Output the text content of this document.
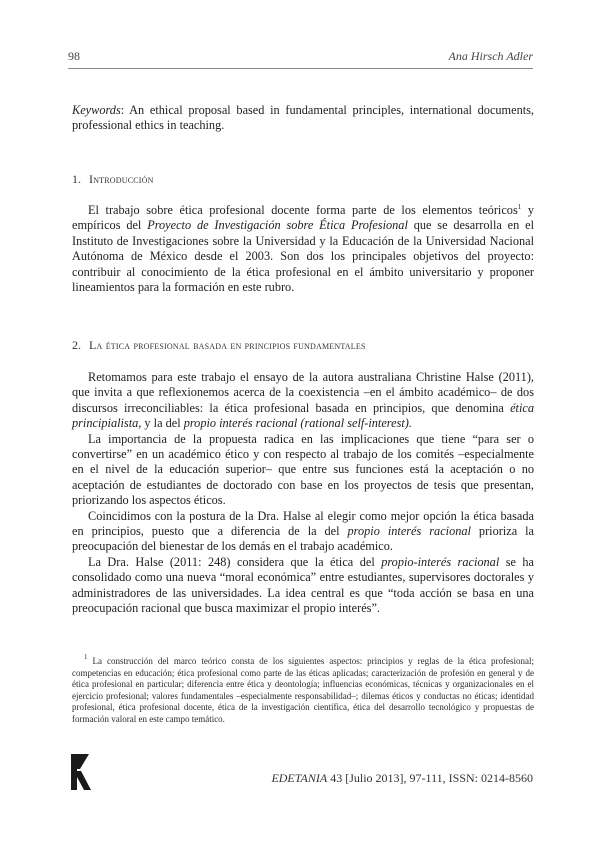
98	Ana Hirsch Adler

Keywords: An ethical proposal based in fundamental principles, international documents, professional ethics in teaching.

1. Introducción

El trabajo sobre ética profesional docente forma parte de los elementos teóricos$^1$ y empíricos del Proyecto de Investigación sobre Ética Profesional que se desarrolla en el Instituto de Investigaciones sobre la Universidad y la Educación de la Universidad Nacional Autónoma de México desde el 2003. Son dos los principales objetivos del proyecto: contribuir al conocimiento de la ética profesional en el ámbito universitario y proponer lineamientos para la formación en este rubro.

2. La ética profesional basada en principios fundamentales

Retomamos para este trabajo el ensayo de la autora australiana Christine Halse (2011), que invita a que reflexionemos acerca de la coexistencia –en el ámbito académico– de dos discursos irreconciliables: la ética profesional basada en principios, que denomina ética principialista, y la del propio interés racional (rational self-interest).

La importancia de la propuesta radica en las implicaciones que tiene “para ser o convertirse” en un académico ético y con respecto al trabajo de los comités –especialmente en el nivel de la educación superior– que entre sus funciones está la aceptación o no aceptación de estudiantes de doctorado con base en los proyectos de tesis que presentan, priorizando los aspectos éticos.

Coincidimos con la postura de la Dra. Halse al elegir como mejor opción la ética basada en principios, puesto que a diferencia de la del propio interés racional prioriza la preocupación del bienestar de los demás en el trabajo académico.

La Dra. Halse (2011: 248) considera que la ética del propio-interés racional se ha consolidado como una nueva “moral económica” entre estudiantes, supervisores doctorales y administradores de las universidades. La idea central es que “toda acción se basa en una preocupación racional que busca maximizar el propio interés”.

$^1$ La construcción del marco teórico consta de los siguientes aspectos: principios y reglas de la ética profesional; competencias en educación; ética profesional como parte de las éticas aplicadas; caracterización de profesión en general y de ética profesional en particular; diferencia entre ética y deontología; influencias económicas, técnicas y organizacionales en el ejercicio profesional; valores fundamentales –especialmente responsabilidad–; dilemas éticos y conductas no éticas; identidad profesional, ética profesional docente, ética de la investigación científica, ética del desarrollo tecnológico y propuestas de formación valoral en este campo temático.

EDETANIA 43 [Julio 2013], 97-111, ISSN: 0214-8560
